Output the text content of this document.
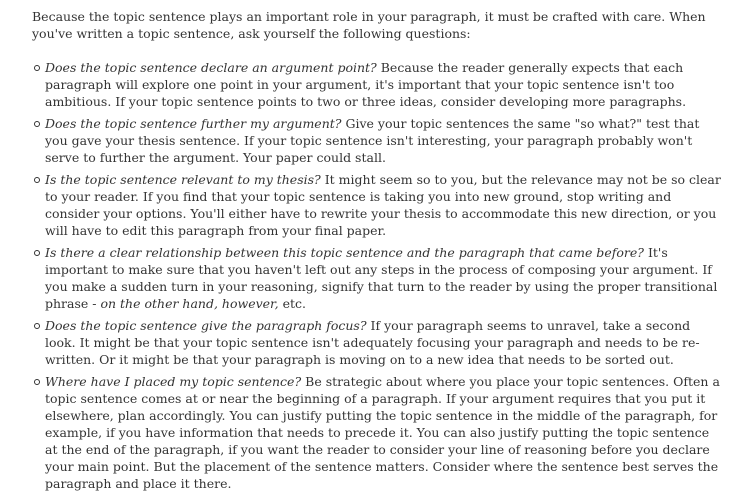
Because the topic sentence plays an important role in your paragraph, it must be crafted with care. When you've written a topic sentence, ask yourself the following questions:

Does the topic sentence declare an argument point? Because the reader generally expects that each paragraph will explore one point in your argument, it's important that your topic sentence isn't too ambitious. If your topic sentence points to two or three ideas, consider developing more paragraphs.
Does the topic sentence further my argument? Give your topic sentences the same "so what?" test that you gave your thesis sentence. If your topic sentence isn't interesting, your paragraph probably won't serve to further the argument. Your paper could stall.
Is the topic sentence relevant to my thesis? It might seem so to you, but the relevance may not be so clear to your reader. If you find that your topic sentence is taking you into new ground, stop writing and consider your options. You'll either have to rewrite your thesis to accommodate this new direction, or you will have to edit this paragraph from your final paper.
Is there a clear relationship between this topic sentence and the paragraph that came before? It's important to make sure that you haven't left out any steps in the process of composing your argument. If you make a sudden turn in your reasoning, signify that turn to the reader by using the proper transitional phrase - on the other hand, however, etc.
Does the topic sentence give the paragraph focus? If your paragraph seems to unravel, take a second look. It might be that your topic sentence isn't adequately focusing your paragraph and needs to be re-written. Or it might be that your paragraph is moving on to a new idea that needs to be sorted out.
Where have I placed my topic sentence? Be strategic about where you place your topic sentences. Often a topic sentence comes at or near the beginning of a paragraph. If your argument requires that you put it elsewhere, plan accordingly. You can justify putting the topic sentence in the middle of the paragraph, for example, if you have information that needs to precede it. You can also justify putting the topic sentence at the end of the paragraph, if you want the reader to consider your line of reasoning before you declare your main point. But the placement of the sentence matters. Consider where the sentence best serves the paragraph and place it there.
